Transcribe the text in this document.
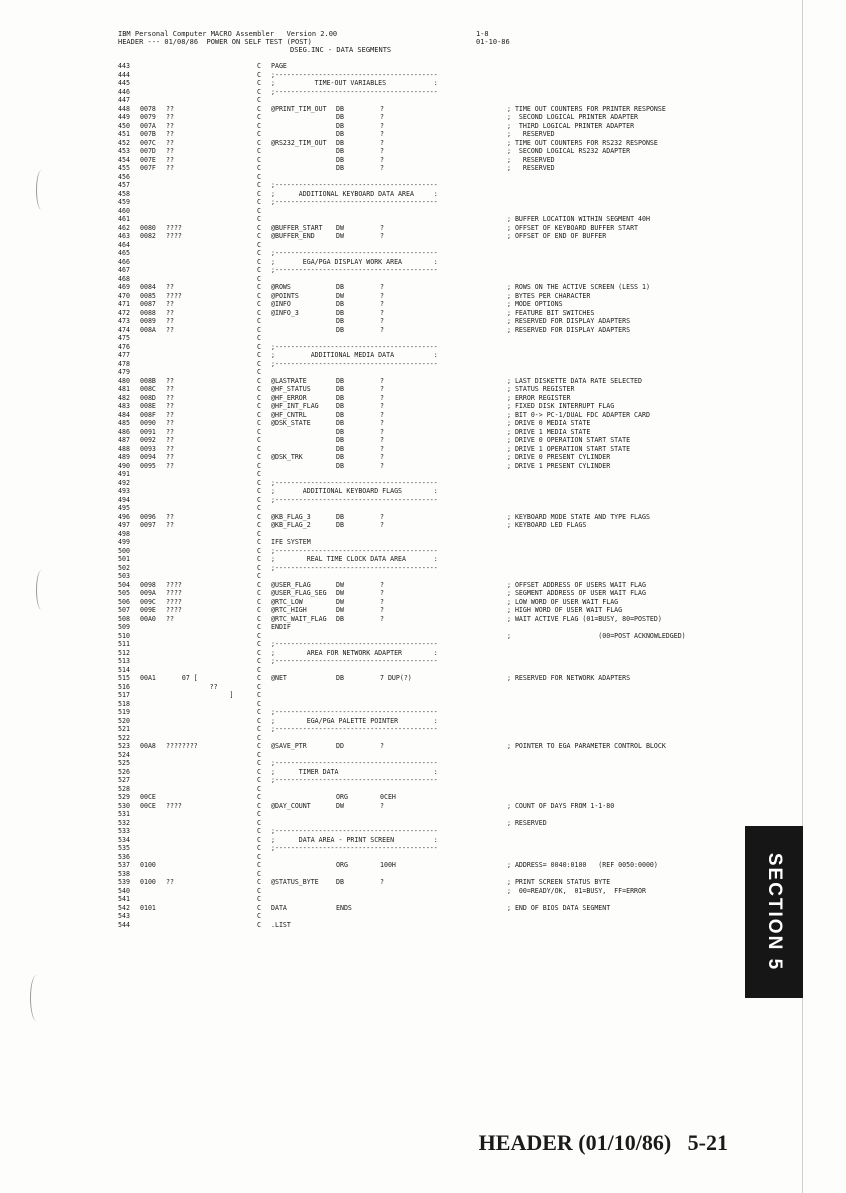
IBM Personal Computer MACRO Assembler   Version 2.00	1-8
HEADER --- 01/08/86  POWER ON SELF TEST (POST)	01-10-86
DSEG.INC - DATA SEGMENTS
443	C PAGE
444	C ;-----------------------------------------
445	C ;          TIME-OUT VARIABLES            :
446	C ;-----------------------------------------
447	C
448 0078 ??	C @PRINT_TIM_OUT DB	?	; TIME OUT COUNTERS FOR PRINTER RESPONSE
449 0079 ??	C	DB	?	;  SECOND LOGICAL PRINTER ADAPTER
450 007A ??	C	DB	?	;  THIRD LOGICAL PRINTER ADAPTER
451 007B ??	C	DB	?	;   RESERVED
452 007C ??	C @RS232_TIM_OUT DB	?	; TIME OUT COUNTERS FOR RS232 RESPONSE
453 007D ??	C	DB	?	;  SECOND LOGICAL RS232 ADAPTER
454 007E ??	C	DB	?	;   RESERVED
455 007F ??	C	DB	?	;   RESERVED
456	C
457	C ;-----------------------------------------
458	C ;      ADDITIONAL KEYBOARD DATA AREA     :
459	C ;-----------------------------------------
460	C
461	C	; BUFFER LOCATION WITHIN SEGMENT 40H
462 0080 ????	C @BUFFER_START DW	?	; OFFSET OF KEYBOARD BUFFER START
463 0082 ????	C @BUFFER_END	DW	?	; OFFSET OF END OF BUFFER
464	C
465	C ;-----------------------------------------
466	C ;       EGA/PGA DISPLAY WORK AREA        :
467	C ;-----------------------------------------
468	C
469 0084 ??	C @ROWS	DB	?	; ROWS ON THE ACTIVE SCREEN (LESS 1)
470 0085 ????	C @POINTS	DW	?	; BYTES PER CHARACTER
471 0087 ??	C @INFO	DB	?	; MODE OPTIONS
472 0088 ??	C @INFO_3	DB	?	; FEATURE BIT SWITCHES
473 0089 ??	C	DB	?	; RESERVED FOR DISPLAY ADAPTERS
474 008A ??	C	DB	?	; RESERVED FOR DISPLAY ADAPTERS
475	C
476	C ;-----------------------------------------
477	C ;         ADDITIONAL MEDIA DATA          :
478	C ;-----------------------------------------
479	C
480 008B ??	C @LASTRATE	DB	?	; LAST DISKETTE DATA RATE SELECTED
481 008C ??	C @HF_STATUS	DB	?	; STATUS REGISTER
482 008D ??	C @HF_ERROR	DB	?	; ERROR REGISTER
483 008E ??	C @HF_INT_FLAG	DB	?	; FIXED DISK INTERRUPT FLAG
484 008F ??	C @HF_CNTRL	DB	?	; BIT 0-> PC-1/DUAL FDC ADAPTER CARD
485 0090 ??	C @DSK_STATE	DB	?	; DRIVE 0 MEDIA STATE
486 0091 ??	C	DB	?	; DRIVE 1 MEDIA STATE
487 0092 ??	C	DB	?	; DRIVE 0 OPERATION START STATE
488 0093 ??	C	DB	?	; DRIVE 1 OPERATION START STATE
489 0094 ??	C @DSK_TRK	DB	?	; DRIVE 0 PRESENT CYLINDER
490 0095 ??	C	DB	?	; DRIVE 1 PRESENT CYLINDER
491	C
492	C ;-----------------------------------------
493	C ;       ADDITIONAL KEYBOARD FLAGS        :
494	C ;-----------------------------------------
495	C
496 0096 ??	C @KB_FLAG_3	DB	?	; KEYBOARD MODE STATE AND TYPE FLAGS
497 0097 ??	C @KB_FLAG_2	DB	?	; KEYBOARD LED FLAGS
498	C
499	C IFE SYSTEM
500	C ;-----------------------------------------
501	C ;        REAL TIME CLOCK DATA AREA       :
502	C ;-----------------------------------------
503	C
504 0098 ????	C @USER_FLAG	DW	?	; OFFSET ADDRESS OF USERS WAIT FLAG
505 009A ????	C @USER_FLAG_SEG DW	?	; SEGMENT ADDRESS OF USER WAIT FLAG
506 009C ????	C @RTC_LOW	DW	?	; LOW WORD OF USER WAIT FLAG
507 009E ????	C @RTC_HIGH	DW	?	; HIGH WORD OF USER WAIT FLAG
508 00A0 ??	C @RTC_WAIT_FLAG DB	?	; WAIT ACTIVE FLAG (01=BUSY, 80=POSTED)
509	C ENDIF
510	C	;                      (00=POST ACKNOWLEDGED)
511	C ;-----------------------------------------
512	C ;        AREA FOR NETWORK ADAPTER        :
513	C ;-----------------------------------------
514	C
515 00A1 07 [	C @NET	DB	7 DUP(?)	; RESERVED FOR NETWORK ADAPTERS
516	??	C
517	]	C
518	C
519	C ;-----------------------------------------
520	C ;        EGA/PGA PALETTE POINTER         :
521	C ;-----------------------------------------
522	C
523 00A8 ????????	C @SAVE_PTR	DD	?	; POINTER TO EGA PARAMETER CONTROL BLOCK
524	C
525	C ;-----------------------------------------
526	C ;      TIMER DATA                        :
527	C ;-----------------------------------------
528	C
529 00CE	C	ORG	0CEH
530 00CE ????	C @DAY_COUNT	DW	?	; COUNT OF DAYS FROM 1-1-80
531	C
532	C	; RESERVED
533	C ;-----------------------------------------
534	C ;      DATA AREA - PRINT SCREEN          :
535	C ;-----------------------------------------
536	C
537 0100	C	ORG	100H	; ADDRESS= 0040:0100   (REF 0050:0000)
538	C
539 0100 ??	C @STATUS_BYTE	DB	?	; PRINT SCREEN STATUS BYTE
540	C	;  00=READY/OK,  01=BUSY,  FF=ERROR
541	C
542 0101	C DATA	ENDS	; END OF BIOS DATA SEGMENT
543	C
544	C .LIST	SECTION 5
HEADER (01/10/86)   5-21
